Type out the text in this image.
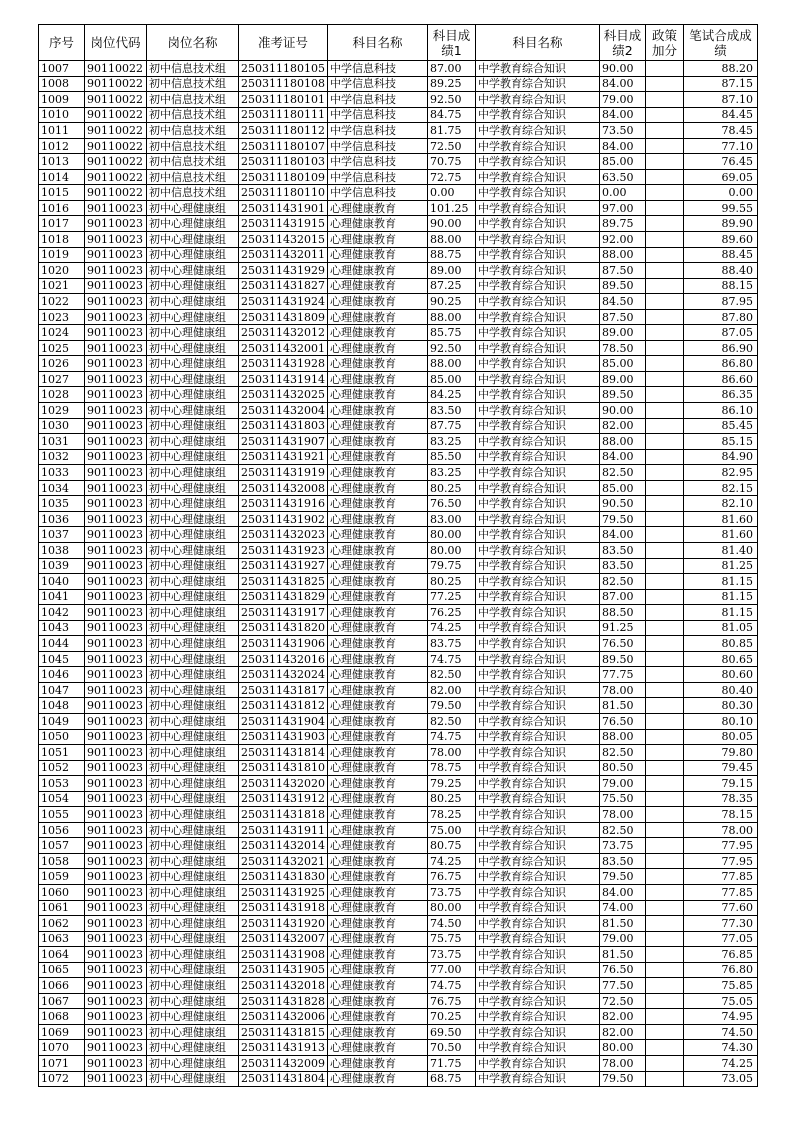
序号	岗位代码	岗位名称	准考证号	科目名称	科目成绩1	科目名称	科目成绩2	政策加分	笔试合成成绩
1007	90110022	初中信息技术组	250311180105	中学信息科技	87.00	中学教育综合知识	90.00		88.20
1008	90110022	初中信息技术组	250311180108	中学信息科技	89.25	中学教育综合知识	84.00		87.15
1009	90110022	初中信息技术组	250311180101	中学信息科技	92.50	中学教育综合知识	79.00		87.10
1010	90110022	初中信息技术组	250311180111	中学信息科技	84.75	中学教育综合知识	84.00		84.45
1011	90110022	初中信息技术组	250311180112	中学信息科技	81.75	中学教育综合知识	73.50		78.45
1012	90110022	初中信息技术组	250311180107	中学信息科技	72.50	中学教育综合知识	84.00		77.10
1013	90110022	初中信息技术组	250311180103	中学信息科技	70.75	中学教育综合知识	85.00		76.45
1014	90110022	初中信息技术组	250311180109	中学信息科技	72.75	中学教育综合知识	63.50		69.05
1015	90110022	初中信息技术组	250311180110	中学信息科技	0.00	中学教育综合知识	0.00		0.00
1016	90110023	初中心理健康组	250311431901	心理健康教育	101.25	中学教育综合知识	97.00		99.55
1017	90110023	初中心理健康组	250311431915	心理健康教育	90.00	中学教育综合知识	89.75		89.90
1018	90110023	初中心理健康组	250311432015	心理健康教育	88.00	中学教育综合知识	92.00		89.60
1019	90110023	初中心理健康组	250311432011	心理健康教育	88.75	中学教育综合知识	88.00		88.45
1020	90110023	初中心理健康组	250311431929	心理健康教育	89.00	中学教育综合知识	87.50		88.40
1021	90110023	初中心理健康组	250311431827	心理健康教育	87.25	中学教育综合知识	89.50		88.15
1022	90110023	初中心理健康组	250311431924	心理健康教育	90.25	中学教育综合知识	84.50		87.95
1023	90110023	初中心理健康组	250311431809	心理健康教育	88.00	中学教育综合知识	87.50		87.80
1024	90110023	初中心理健康组	250311432012	心理健康教育	85.75	中学教育综合知识	89.00		87.05
1025	90110023	初中心理健康组	250311432001	心理健康教育	92.50	中学教育综合知识	78.50		86.90
1026	90110023	初中心理健康组	250311431928	心理健康教育	88.00	中学教育综合知识	85.00		86.80
1027	90110023	初中心理健康组	250311431914	心理健康教育	85.00	中学教育综合知识	89.00		86.60
1028	90110023	初中心理健康组	250311432025	心理健康教育	84.25	中学教育综合知识	89.50		86.35
1029	90110023	初中心理健康组	250311432004	心理健康教育	83.50	中学教育综合知识	90.00		86.10
1030	90110023	初中心理健康组	250311431803	心理健康教育	87.75	中学教育综合知识	82.00		85.45
1031	90110023	初中心理健康组	250311431907	心理健康教育	83.25	中学教育综合知识	88.00		85.15
1032	90110023	初中心理健康组	250311431921	心理健康教育	85.50	中学教育综合知识	84.00		84.90
1033	90110023	初中心理健康组	250311431919	心理健康教育	83.25	中学教育综合知识	82.50		82.95
1034	90110023	初中心理健康组	250311432008	心理健康教育	80.25	中学教育综合知识	85.00		82.15
1035	90110023	初中心理健康组	250311431916	心理健康教育	76.50	中学教育综合知识	90.50		82.10
1036	90110023	初中心理健康组	250311431902	心理健康教育	83.00	中学教育综合知识	79.50		81.60
1037	90110023	初中心理健康组	250311432023	心理健康教育	80.00	中学教育综合知识	84.00		81.60
1038	90110023	初中心理健康组	250311431923	心理健康教育	80.00	中学教育综合知识	83.50		81.40
1039	90110023	初中心理健康组	250311431927	心理健康教育	79.75	中学教育综合知识	83.50		81.25
1040	90110023	初中心理健康组	250311431825	心理健康教育	80.25	中学教育综合知识	82.50		81.15
1041	90110023	初中心理健康组	250311431829	心理健康教育	77.25	中学教育综合知识	87.00		81.15
1042	90110023	初中心理健康组	250311431917	心理健康教育	76.25	中学教育综合知识	88.50		81.15
1043	90110023	初中心理健康组	250311431820	心理健康教育	74.25	中学教育综合知识	91.25		81.05
1044	90110023	初中心理健康组	250311431906	心理健康教育	83.75	中学教育综合知识	76.50		80.85
1045	90110023	初中心理健康组	250311432016	心理健康教育	74.75	中学教育综合知识	89.50		80.65
1046	90110023	初中心理健康组	250311432024	心理健康教育	82.50	中学教育综合知识	77.75		80.60
1047	90110023	初中心理健康组	250311431817	心理健康教育	82.00	中学教育综合知识	78.00		80.40
1048	90110023	初中心理健康组	250311431812	心理健康教育	79.50	中学教育综合知识	81.50		80.30
1049	90110023	初中心理健康组	250311431904	心理健康教育	82.50	中学教育综合知识	76.50		80.10
1050	90110023	初中心理健康组	250311431903	心理健康教育	74.75	中学教育综合知识	88.00		80.05
1051	90110023	初中心理健康组	250311431814	心理健康教育	78.00	中学教育综合知识	82.50		79.80
1052	90110023	初中心理健康组	250311431810	心理健康教育	78.75	中学教育综合知识	80.50		79.45
1053	90110023	初中心理健康组	250311432020	心理健康教育	79.25	中学教育综合知识	79.00		79.15
1054	90110023	初中心理健康组	250311431912	心理健康教育	80.25	中学教育综合知识	75.50		78.35
1055	90110023	初中心理健康组	250311431818	心理健康教育	78.25	中学教育综合知识	78.00		78.15
1056	90110023	初中心理健康组	250311431911	心理健康教育	75.00	中学教育综合知识	82.50		78.00
1057	90110023	初中心理健康组	250311432014	心理健康教育	80.75	中学教育综合知识	73.75		77.95
1058	90110023	初中心理健康组	250311432021	心理健康教育	74.25	中学教育综合知识	83.50		77.95
1059	90110023	初中心理健康组	250311431830	心理健康教育	76.75	中学教育综合知识	79.50		77.85
1060	90110023	初中心理健康组	250311431925	心理健康教育	73.75	中学教育综合知识	84.00		77.85
1061	90110023	初中心理健康组	250311431918	心理健康教育	80.00	中学教育综合知识	74.00		77.60
1062	90110023	初中心理健康组	250311431920	心理健康教育	74.50	中学教育综合知识	81.50		77.30
1063	90110023	初中心理健康组	250311432007	心理健康教育	75.75	中学教育综合知识	79.00		77.05
1064	90110023	初中心理健康组	250311431908	心理健康教育	73.75	中学教育综合知识	81.50		76.85
1065	90110023	初中心理健康组	250311431905	心理健康教育	77.00	中学教育综合知识	76.50		76.80
1066	90110023	初中心理健康组	250311432018	心理健康教育	74.75	中学教育综合知识	77.50		75.85
1067	90110023	初中心理健康组	250311431828	心理健康教育	76.75	中学教育综合知识	72.50		75.05
1068	90110023	初中心理健康组	250311432006	心理健康教育	70.25	中学教育综合知识	82.00		74.95
1069	90110023	初中心理健康组	250311431815	心理健康教育	69.50	中学教育综合知识	82.00		74.50
1070	90110023	初中心理健康组	250311431913	心理健康教育	70.50	中学教育综合知识	80.00		74.30
1071	90110023	初中心理健康组	250311432009	心理健康教育	71.75	中学教育综合知识	78.00		74.25
1072	90110023	初中心理健康组	250311431804	心理健康教育	68.75	中学教育综合知识	79.50		73.05
